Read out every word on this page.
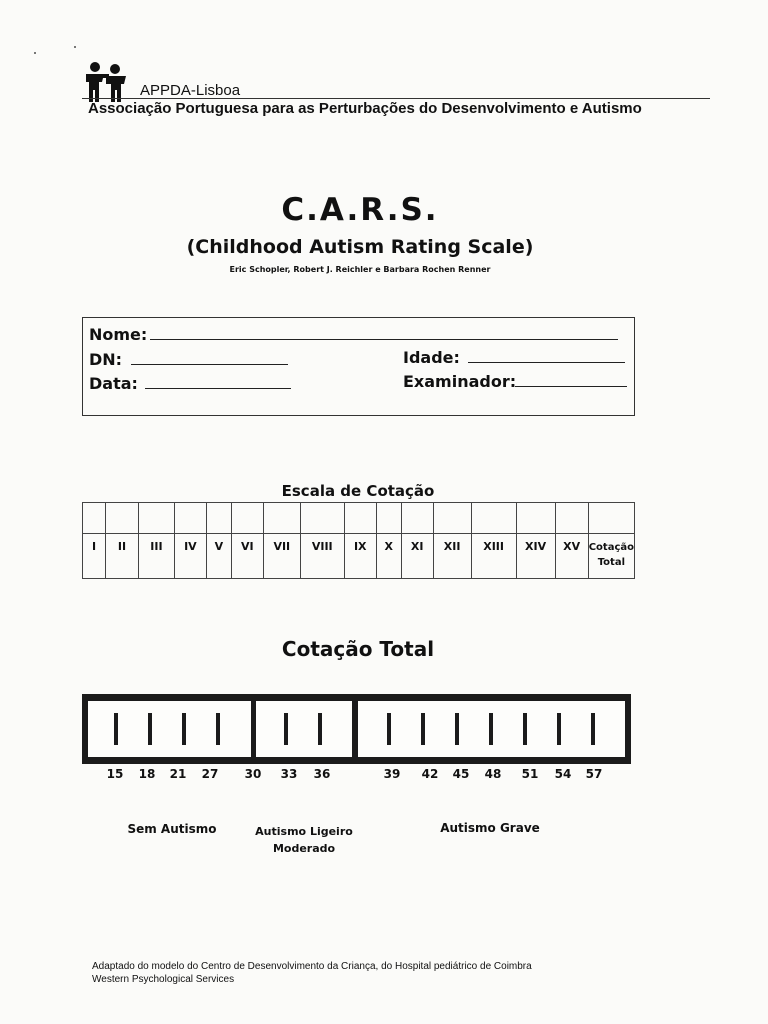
APPDA-Lisboa
Associação Portuguesa para as Perturbações do Desenvolvimento e Autismo
C.A.R.S.
(Childhood Autism Rating Scale)
Eric Schopler, Robert J. Reichler e Barbara Rochen Renner
Nome:
DN:	Idade:
Data:	Examinador:
Escala de Cotação

I	II	III	IV	V	VI	VII	VIII	IX	X	XI	XII	XIII	XIV	XV	Cotação
Total
Cotação Total
15	18	21	27	30	33	36	39	42	45	48	51	54	57
Sem Autismo	Autismo Ligeiro
Moderado
Autismo Grave
Adaptado do modelo do Centro de Desenvolvimento da Criança, do Hospital pediátrico de Coimbra
Western Psychological Services
